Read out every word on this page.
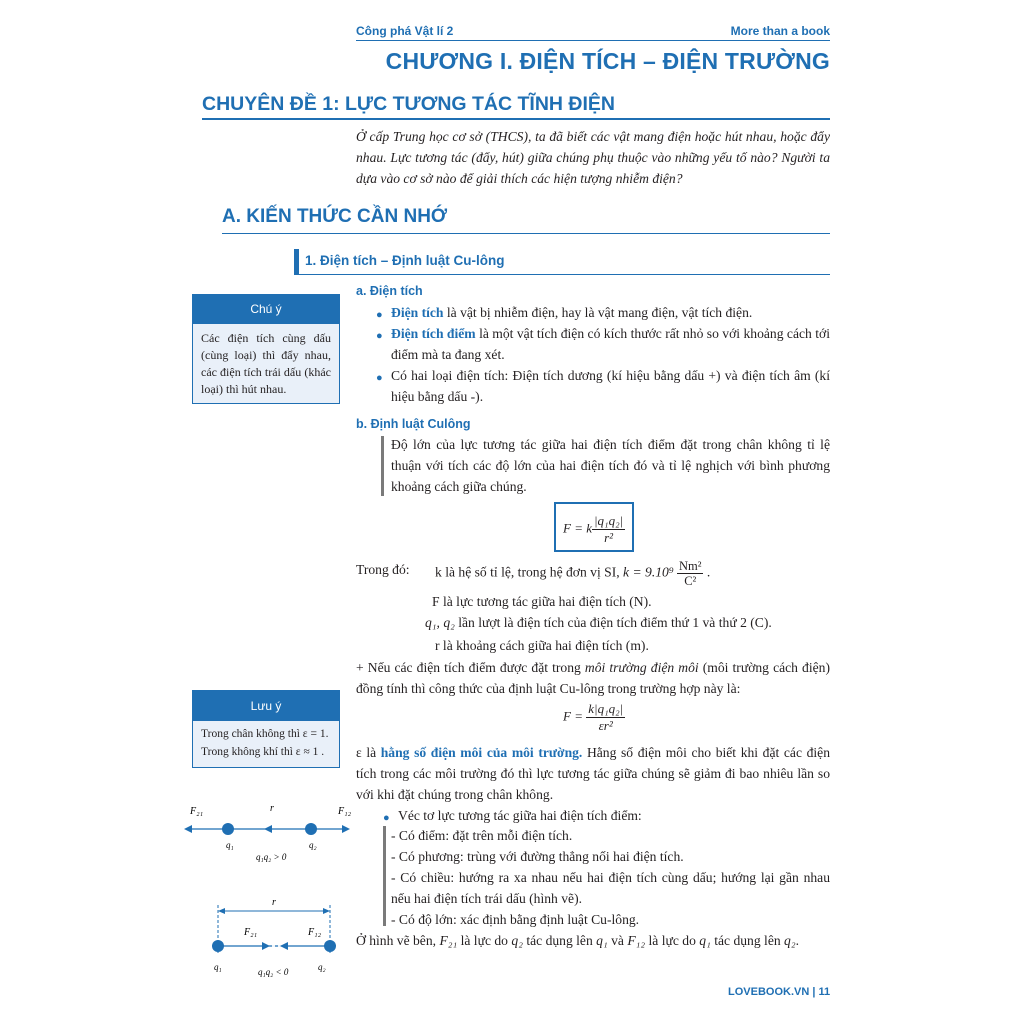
Công phá Vật lí 2	More than a book
CHƯƠNG I. ĐIỆN TÍCH – ĐIỆN TRƯỜNG
CHUYÊN ĐỀ 1: LỰC TƯƠNG TÁC TĨNH ĐIỆN
Ở cấp Trung học cơ sở (THCS), ta đã biết các vật mang điện hoặc hút nhau, hoặc đẩy nhau. Lực tương tác (đẩy, hút) giữa chúng phụ thuộc vào những yếu tố nào? Người ta dựa vào cơ sở nào để giải thích các hiện tượng nhiễm điện?
A. KIẾN THỨC CẦN NHỚ
1. Điện tích – Định luật Cu-lông
Chú ý
Các điện tích cùng dấu (cùng loại) thì đẩy nhau, các điện tích trái dấu (khác loại) thì hút nhau.
a. Điện tích
● Điện tích là vật bị nhiễm điện, hay là vật mang điện, vật tích điện.
● Điện tích điểm là một vật tích điện có kích thước rất nhỏ so với khoảng cách tới điểm mà ta đang xét.
● Có hai loại điện tích: Điện tích dương (kí hiệu bằng dấu +) và điện tích âm (kí hiệu bằng dấu -).
b. Định luật Culông
Độ lớn của lực tương tác giữa hai điện tích điểm đặt trong chân không tỉ lệ thuận với tích các độ lớn của hai điện tích đó và tỉ lệ nghịch với bình phương khoảng cách giữa chúng.
F = k $\frac{\text{|q₁q₂|}}{\text{r²}}$
Trong đó: k là hệ số tỉ lệ, trong hệ đơn vị SI, $k = 9.10^9 \frac{\text{Nm²}}{\text{C²}}$ .
F là lực tương tác giữa hai điện tích (N).
q₁, q₂ lần lượt là điện tích của điện tích điểm thứ 1 và thứ 2 (C).
r là khoảng cách giữa hai điện tích (m).
+ Nếu các điện tích điểm được đặt trong môi trường điện môi (môi trường cách điện) đồng tính thì công thức của định luật Cu-lông trong trường hợp này là:
$F = \frac{\text{k|q₁q₂|}}{\text{εr²}}$
ε là hằng số điện môi của môi trường. Hằng số điện môi cho biết khi đặt các điện tích trong các môi trường đó thì lực tương tác giữa chúng sẽ giảm đi bao nhiêu lần so với khi đặt chúng trong chân không.
● Véc tơ lực tương tác giữa hai điện tích điểm:
- Có điểm: đặt trên mỗi điện tích.
- Có phương: trùng với đường thẳng nối hai điện tích.
- Có chiều: hướng ra xa nhau nếu hai điện tích cùng dấu; hướng lại gần nhau nếu hai điện tích trái dấu (hình vẽ).
- Có độ lớn: xác định bằng định luật Cu-lông.
Ở hình vẽ bên, F₂₁ là lực do q₂ tác dụng lên q₁ và F₁₂ là lực do q₁ tác dụng lên q₂.
Lưu ý
Trong chân không thì ε = 1.
Trong không khí thì ε ≈ 1 .
F₂₁	r	F₁₂
q₁	q₂
q₁q₂ > 0
r
F₂₁	F₁₂
q₁	q₂
q₁q₂ < 0
LOVEBOOK.VN | 11
